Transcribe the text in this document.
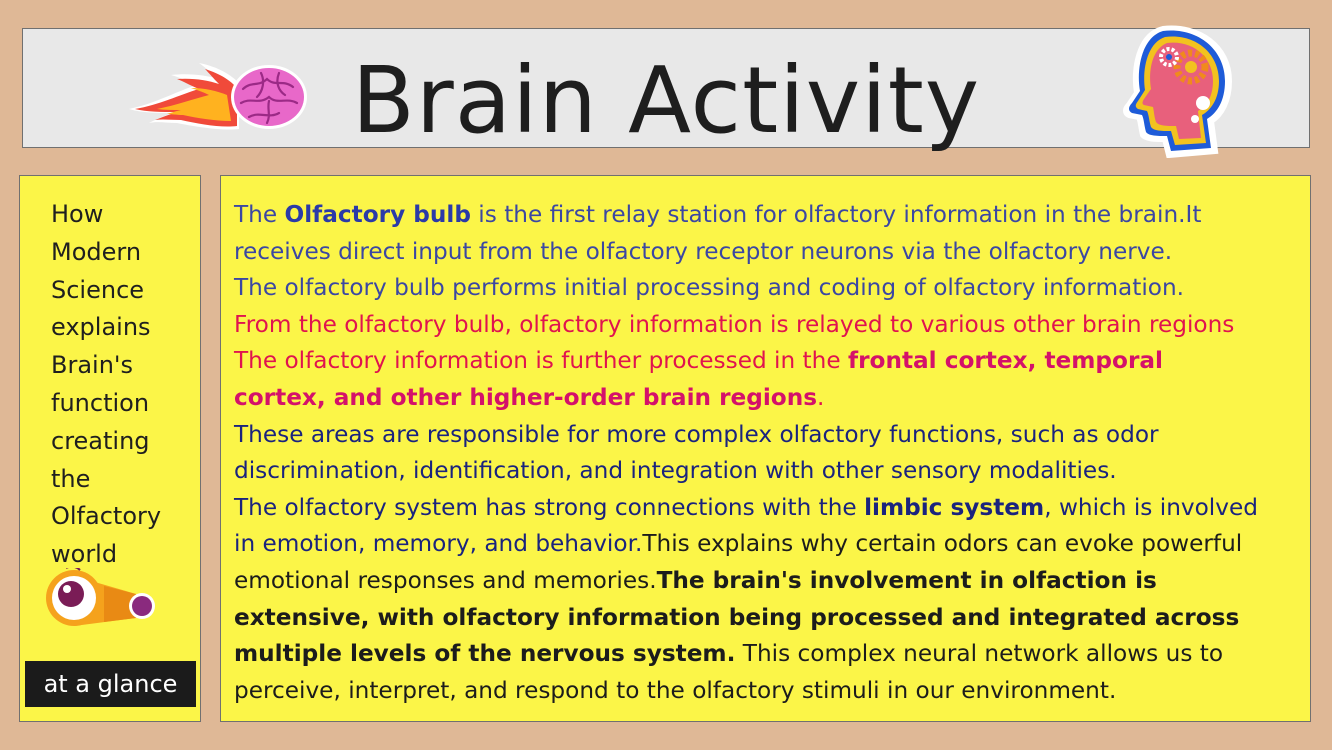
Brain Activity
How
Modern
Science
explains
Brain's
function
creating
the
Olfactory
world
at a glance
The Olfactory bulb is the first relay station for olfactory information in the brain.It
receives direct input from the olfactory receptor neurons via the olfactory nerve.
The olfactory bulb performs initial processing and coding of olfactory information.
From the olfactory bulb, olfactory information is relayed to various other brain regions
The olfactory information is further processed in the frontal cortex, temporal
cortex, and other higher-order brain regions.
These areas are responsible for more complex olfactory functions, such as odor
discrimination, identification, and integration with other sensory modalities.
The olfactory system has strong connections with the limbic system, which is involved
in emotion, memory, and behavior.This explains why certain odors can evoke powerful
emotional responses and memories.The brain's involvement in olfaction is
extensive, with olfactory information being processed and integrated across
multiple levels of the nervous system. This complex neural network allows us to
perceive, interpret, and respond to the olfactory stimuli in our environment.
